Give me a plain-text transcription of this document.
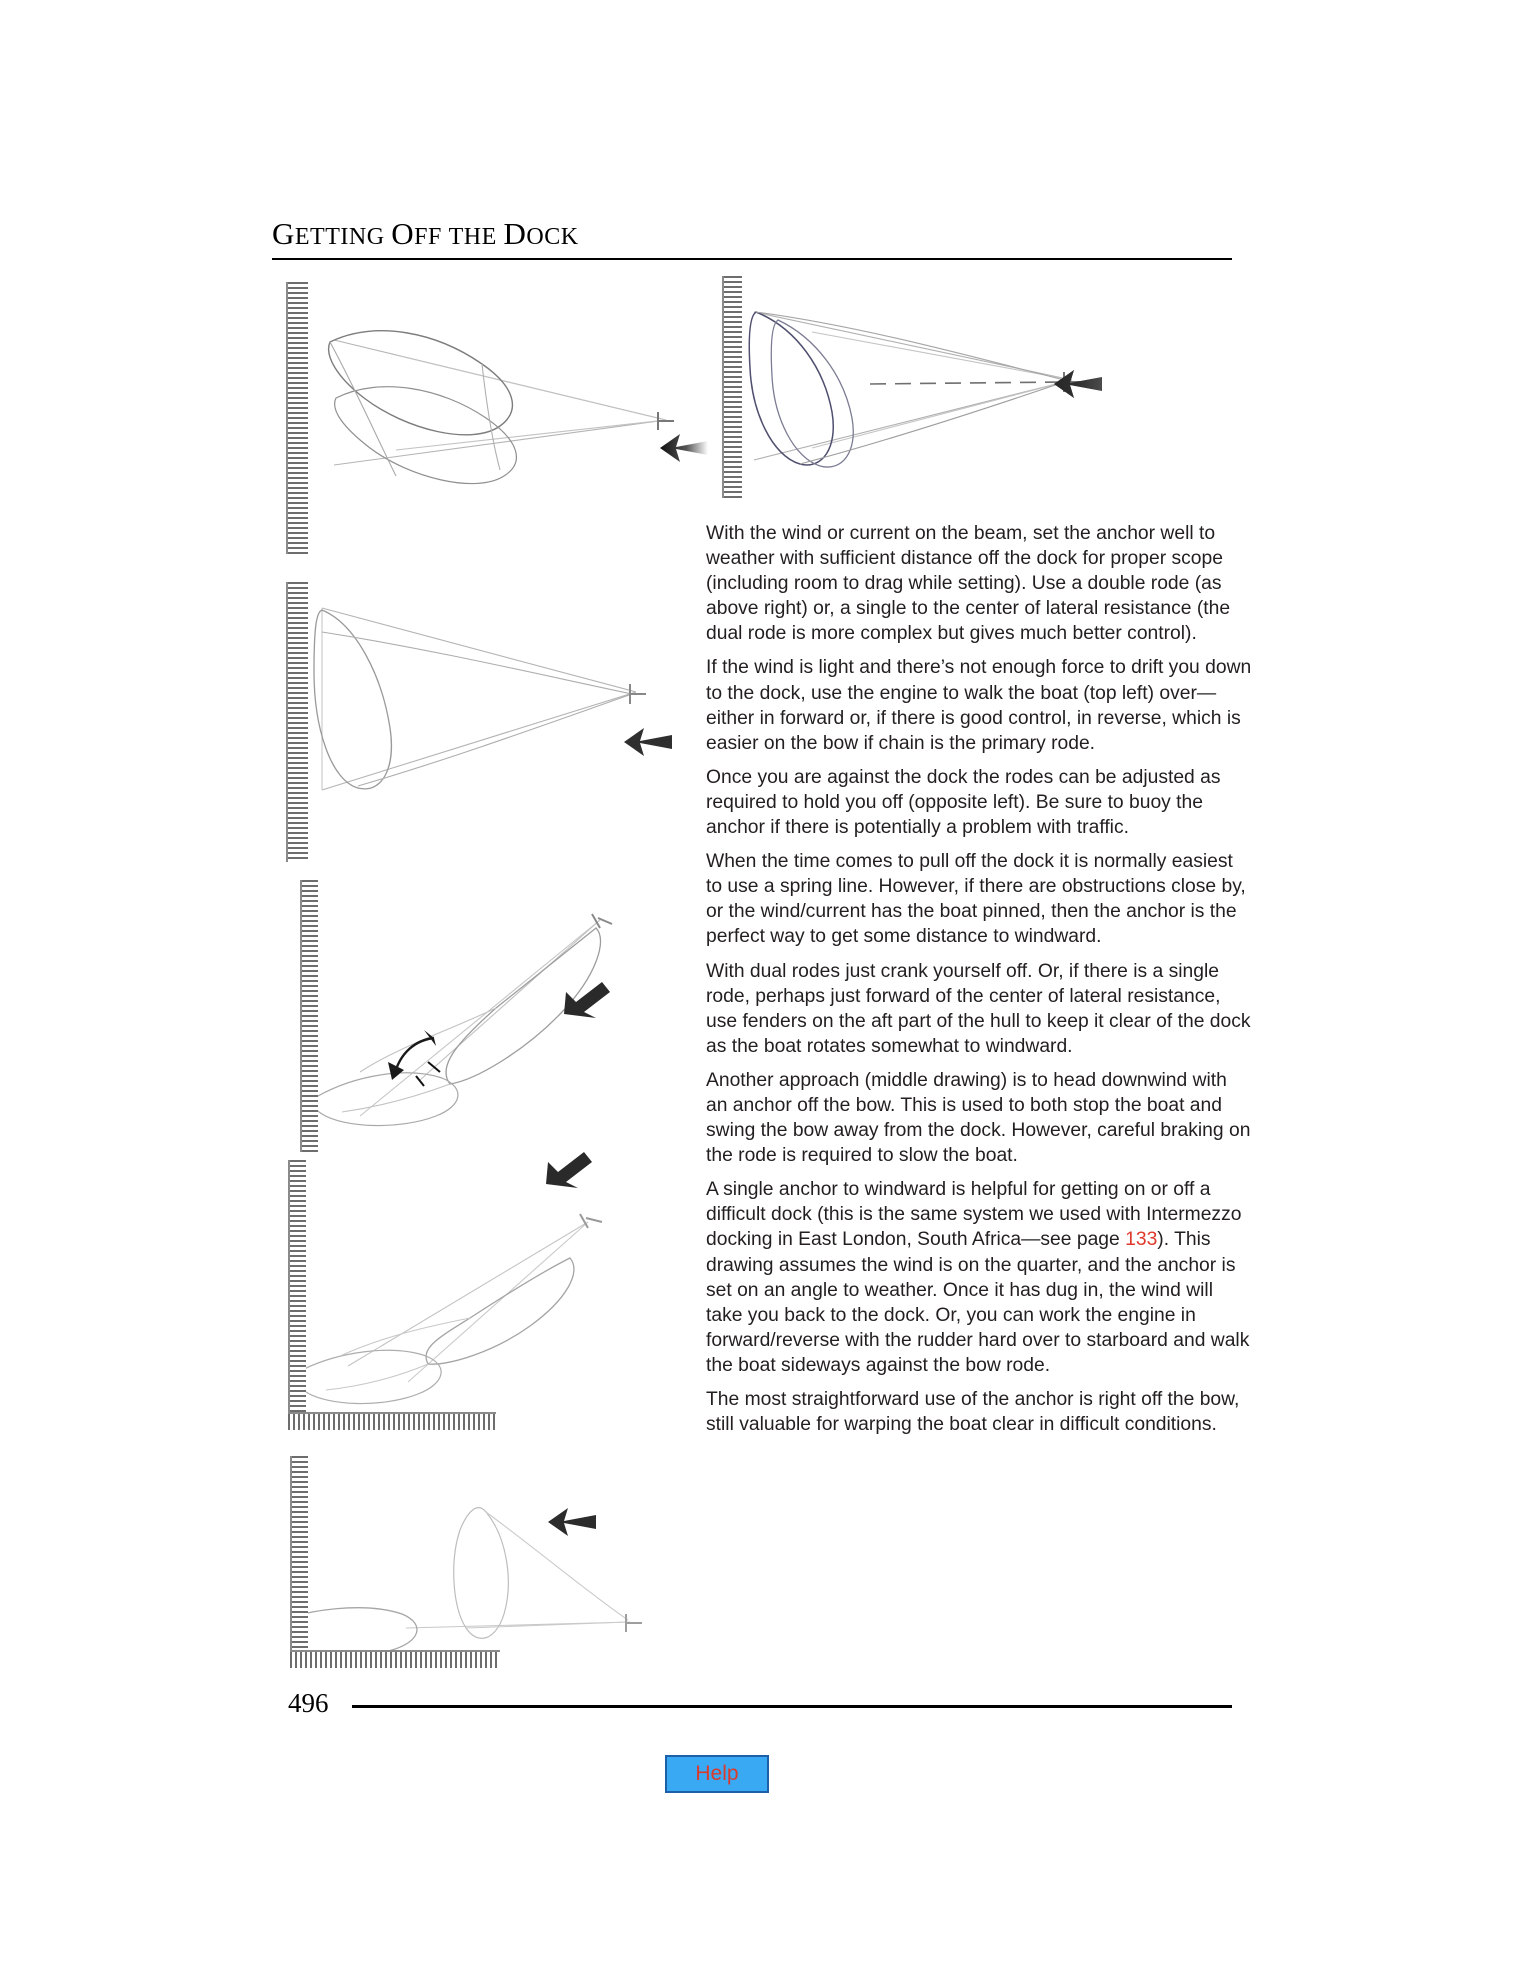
GETTING OFF THE DOCK

With the wind or current on the beam, set the anchor well to weather with sufficient distance off the dock for proper scope (including room to drag while setting). Use a double rode (as above right) or, a single to the center of lateral resistance (the dual rode is more complex but gives much better control).

If the wind is light and there’s not enough force to drift you down to the dock, use the engine to walk the boat (top left) over—either in forward or, if there is good control, in reverse, which is easier on the bow if chain is the primary rode.

Once you are against the dock the rodes can be adjusted as required to hold you off (opposite left). Be sure to buoy the anchor if there is potentially a problem with traffic.

When the time comes to pull off the dock it is normally easiest to use a spring line. However, if there are obstructions close by, or the wind/current has the boat pinned, then the anchor is the perfect way to get some distance to windward.

With dual rodes just crank yourself off. Or, if there is a single rode, perhaps just forward of the center of lateral resistance, use fenders on the aft part of the hull to keep it clear of the dock as the boat rotates somewhat to windward.

Another approach (middle drawing) is to head downwind with an anchor off the bow. This is used to both stop the boat and swing the bow away from the dock. However, careful braking on the rode is required to slow the boat.

A single anchor to windward is helpful for getting on or off a difficult dock (this is the same system we used with Intermezzo docking in East London, South Africa—see page 133). This drawing assumes the wind is on the quarter, and the anchor is set on an angle to weather. Once it has dug in, the wind will take you back to the dock. Or, you can work the engine in forward/reverse with the rudder hard over to starboard and walk the boat sideways against the bow rode.

The most straightforward use of the anchor is right off the bow, still valuable for warping the boat clear in difficult conditions.

496
Help
